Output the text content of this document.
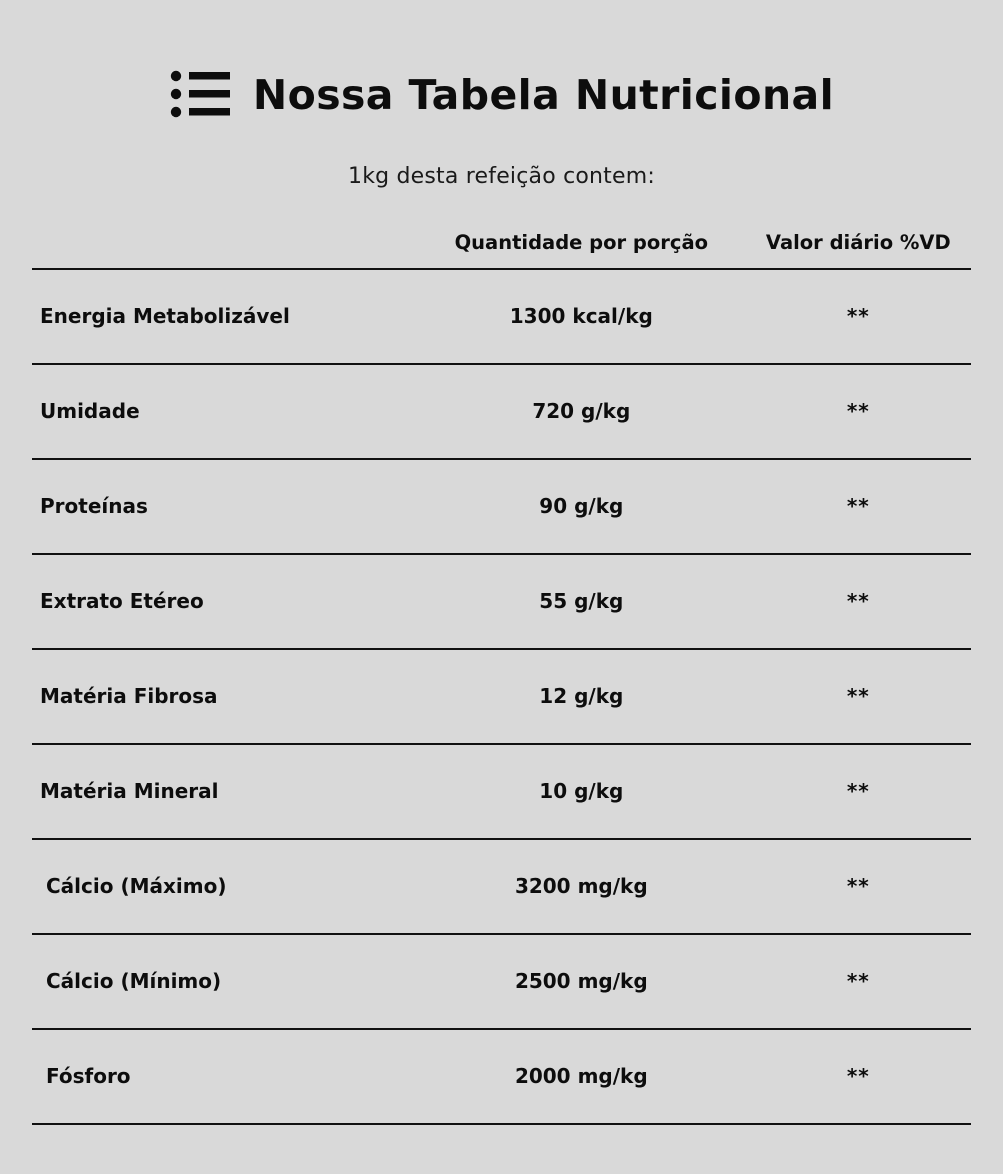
Nossa Tabela Nutricional

1kg desta refeição contem:

	Quantidade por porção	Valor diário %VD
Energia Metabolizável	1300 kcal/kg	**
Umidade	720 g/kg	**
Proteínas	90 g/kg	**
Extrato Etéreo	55 g/kg	**
Matéria Fibrosa	12 g/kg	**
Matéria Mineral	10 g/kg	**
Cálcio (Máximo)	3200 mg/kg	**
Cálcio (Mínimo)	2500 mg/kg	**
Fósforo	2000 mg/kg	**
